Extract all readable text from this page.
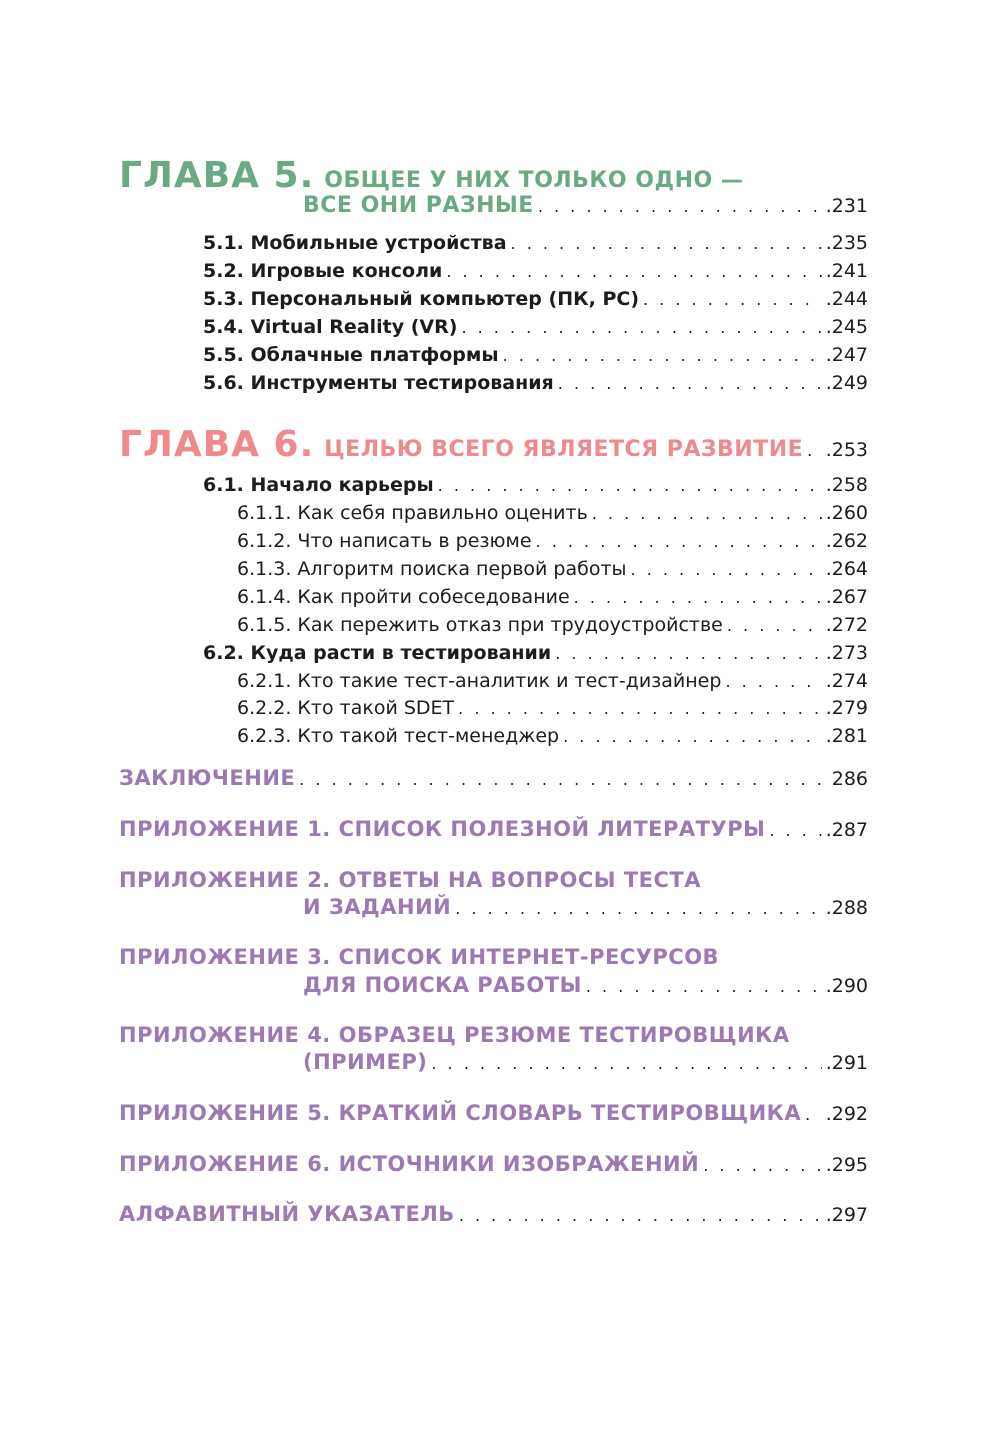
ГЛАВА 5. ОБЩЕЕ У НИХ ТОЛЬКО ОДНО —
ВСЕ ОНИ РАЗНЫЕ . . .	.231
5.1. Мобильные устройства . . .	.235
5.2. Игровые консоли . . .	.241
5.3. Персональный компьютер (ПК, PC) . . .	.244
5.4. Virtual Reality (VR) . . .	.245
5.5. Облачные платформы . . .	.247
5.6. Инструменты тестирования . . .	.249
ГЛАВА 6. ЦЕЛЬЮ ВСЕГО ЯВЛЯЕТСЯ РАЗВИТИЕ . . . .253
6.1. Начало карьеры . . .	.258
6.1.1. Как себя правильно оценить . . .	.260
6.1.2. Что написать в резюме . . .	.262
6.1.3. Алгоритм поиска первой работы . . .	.264
6.1.4. Как пройти собеседование . . .	.267
6.1.5. Как пережить отказ при трудоустройстве . . .	.272
6.2. Куда расти в тестировании . . .	.273
6.2.1. Кто такие тест-аналитик и тест-дизайнер . . .	.274
6.2.2. Кто такой SDET . . .	.279
6.2.3. Кто такой тест-менеджер . . .	.281
ЗАКЛЮЧЕНИЕ . . .	286
ПРИЛОЖЕНИЕ 1. СПИСОК ПОЛЕЗНОЙ ЛИТЕРАТУРЫ . . .	.287
ПРИЛОЖЕНИЕ 2. ОТВЕТЫ НА ВОПРОСЫ ТЕСТА
И ЗАДАНИЙ . . .	.288
ПРИЛОЖЕНИЕ 3. СПИСОК ИНТЕРНЕТ-РЕСУРСОВ
ДЛЯ ПОИСКА РАБОТЫ . . .	.290
ПРИЛОЖЕНИЕ 4. ОБРАЗЕЦ РЕЗЮМЕ ТЕСТИРОВЩИКА
(ПРИМЕР) . . .	.291
ПРИЛОЖЕНИЕ 5. КРАТКИЙ СЛОВАРЬ ТЕСТИРОВЩИКА . . . .292
ПРИЛОЖЕНИЕ 6. ИСТОЧНИКИ ИЗОБРАЖЕНИЙ . . .	.295
АЛФАВИТНЫЙ УКАЗАТЕЛЬ . . .	.297
